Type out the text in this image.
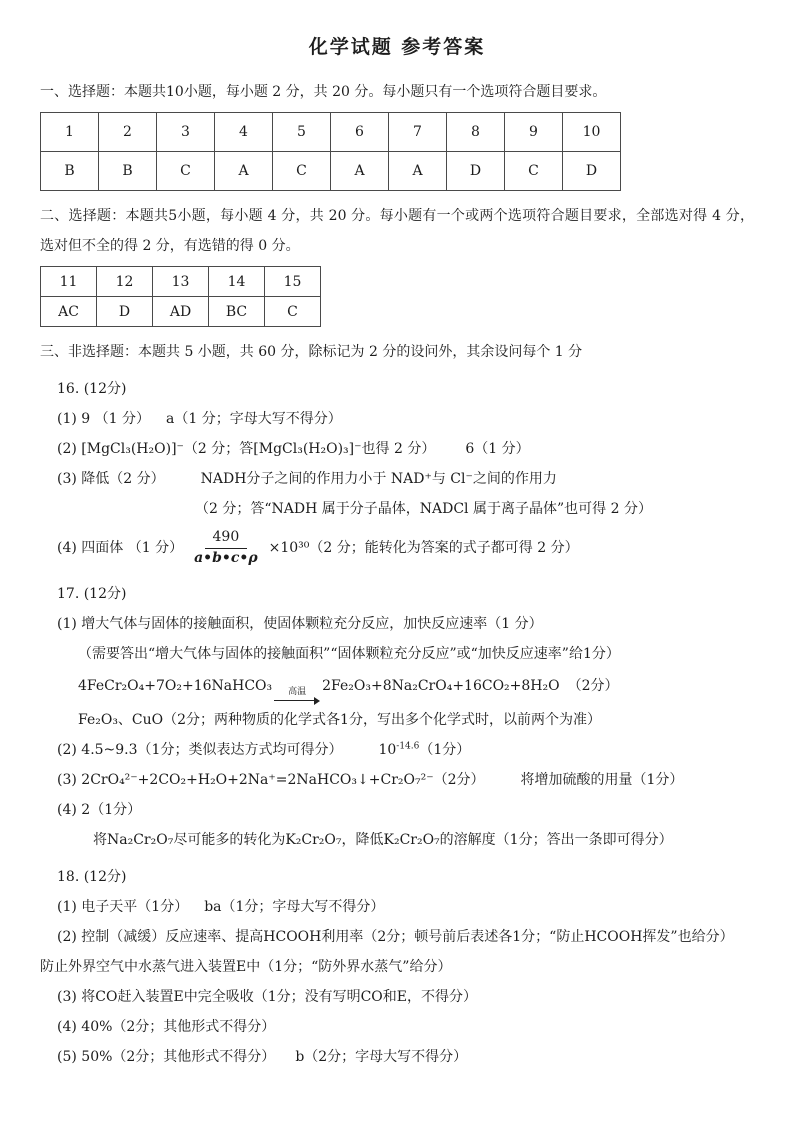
化学试题 参考答案

一、选择题：本题共10小题，每小题 2 分，共 20 分。每小题只有一个选项符合题目要求。

1	2	3	4	5	6	7	8	9	10
B	B	C	A	C	A	A	D	C	D

二、选择题：本题共5小题，每小题 4 分，共 20 分。每小题有一个或两个选项符合题目要求，全部选对得 4 分，选对但不全的得 2 分，有选错的得 0 分。

11	12	13	14	15
AC	D	AD	BC	C

三、非选择题：本题共 5 小题，共 60 分，除标记为 2 分的设问外，其余设问每个 1 分

16. (12分)

(1) 9 （1 分） a（1 分；字母大写不得分）

(2) [MgCl₃(H₂O)]⁻（2 分；答[MgCl₃(H₂O)₃]⁻也得 2 分） 6（1 分）

(3) 降低（2 分）	NADH分子之间的作用力小于 NAD⁺与 Cl⁻之间的作用力

（2 分；答“NADH 属于分子晶体，NADCl 属于离子晶体”也可得 2 分）

(4) 四面体 （1 分） $\frac{490}{a•b•c•\rho} \times 10^{30}(2$ 分；能转化为答案的式子都可得 2 分）

17. (12分)

(1) 增大气体与固体的接触面积，使固体颗粒充分反应，加快反应速率（1 分）

（需要答出“增大气体与固体的接触面积”“固体颗粒充分反应”或“加快反应速率”给1分）

4FeCr₂O₄+7O₂+16NaHCO₃ 高温 2Fe₂O₃+8Na₂CrO₄+16CO₂+8H₂O （2分）

Fe₂O₃、CuO（2分；两种物质的化学式各1分，写出多个化学式时，以前两个为准）

(2) 4.5~9.3（1分；类似表达方式均可得分）	$10^{-14.6}(1$分）

(3) 2CrO₄²⁻+2CO₂+H₂O+2Na⁺=2NaHCO₃↓+Cr₂O₇²⁻（2分）	将增加硫酸的用量（1分）

(4) 2（1分）将Na₂Cr₂O₇尽可能多的转化为K₂Cr₂O₇，降低K₂Cr₂O₇的溶解度（1分；答出一条即可得分）

18. (12分)

(1) 电子天平（1分） ba（1分；字母大写不得分）

(2) 控制（减缓）反应速率、提高HCOOH利用率（2分；顿号前后表述各1分；“防止HCOOH挥发”也给分）

防止外界空气中水蒸气进入装置E中（1分；“防外界水蒸气”给分）

(3) 将CO赶入装置E中完全吸收（1分；没有写明CO和E，不得分）

(4) 40%（2分；其他形式不得分）

(5) 50%（2分；其他形式不得分） b（2分；字母大写不得分）
